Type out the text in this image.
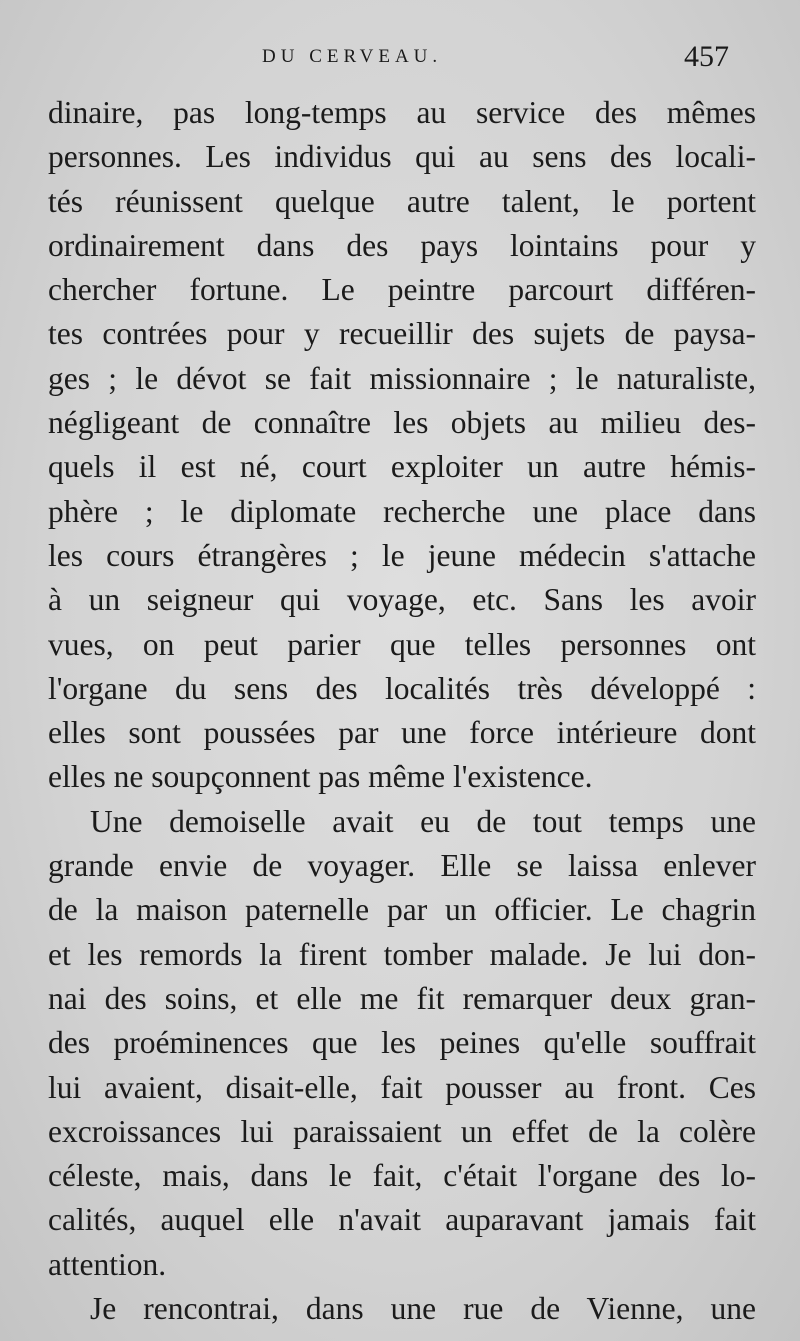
DU CERVEAU.	457
dinaire, pas long-temps au service des mêmes
personnes. Les individus qui au sens des locali-
tés réunissent quelque autre talent, le portent
ordinairement dans des pays lointains pour y
chercher fortune. Le peintre parcourt différen-
tes contrées pour y recueillir des sujets de paysa-
ges ; le dévot se fait missionnaire ; le naturaliste,
négligeant de connaître les objets au milieu des-
quels il est né, court exploiter un autre hémis-
phère ; le diplomate recherche une place dans
les cours étrangères ; le jeune médecin s'attache
à un seigneur qui voyage, etc. Sans les avoir
vues, on peut parier que telles personnes ont
l'organe du sens des localités très développé :
elles sont poussées par une force intérieure dont
elles ne soupçonnent pas même l'existence.
Une demoiselle avait eu de tout temps une
grande envie de voyager. Elle se laissa enlever
de la maison paternelle par un officier. Le chagrin
et les remords la firent tomber malade. Je lui don-
nai des soins, et elle me fit remarquer deux gran-
des proéminences que les peines qu'elle souffrait
lui avaient, disait-elle, fait pousser au front. Ces
excroissances lui paraissaient un effet de la colère
céleste, mais, dans le fait, c'était l'organe des lo-
calités, auquel elle n'avait auparavant jamais fait
attention.
Je rencontrai, dans une rue de Vienne, une
